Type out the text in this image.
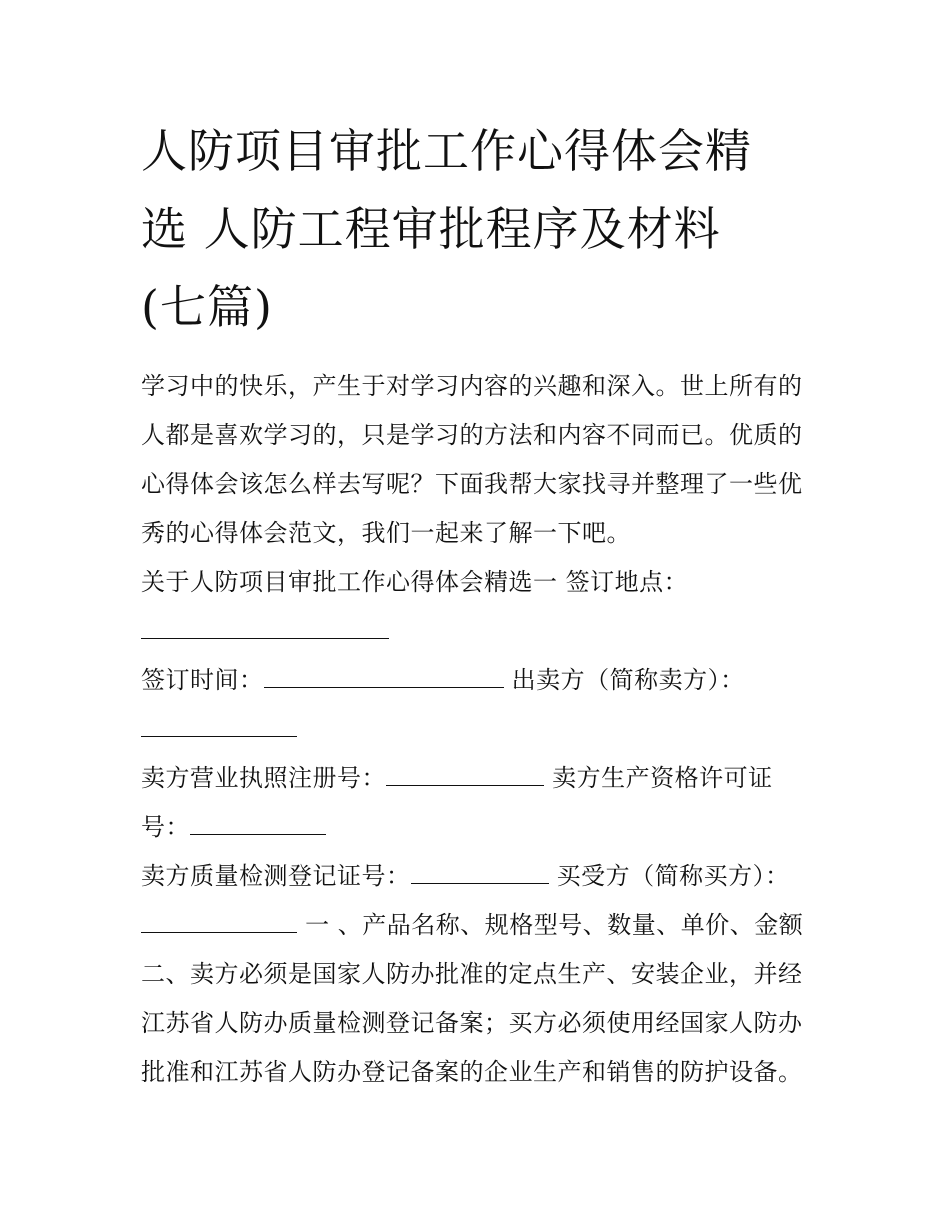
人防项目审批工作心得体会精
选 人防工程审批程序及材料
(七篇)
学习中的快乐，产生于对学习内容的兴趣和深入。世上所有的
人都是喜欢学习的，只是学习的方法和内容不同而已。优质的
心得体会该怎么样去写呢？下面我帮大家找寻并整理了一些优
秀的心得体会范文，我们一起来了解一下吧。
关于人防项目审批工作心得体会精选一 签订地点：
签订时间：	出卖方（简称卖方）：
卖方营业执照注册号：	卖方生产资格许可证
号：
卖方质量检测登记证号：	买受方（简称买方）：
一 、产品名称、规格型号、数量、单价、金额
二、卖方必须是国家人防办批准的定点生产、安装企业，并经
江苏省人防办质量检测登记备案；买方必须使用经国家人防办
批准和江苏省人防办登记备案的企业生产和销售的防护设备。
